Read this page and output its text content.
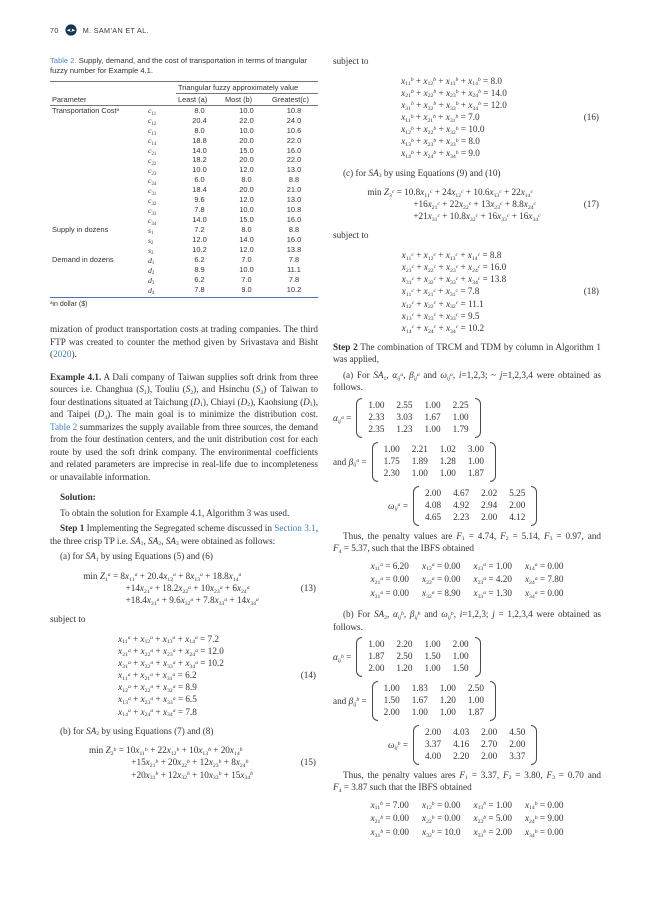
70	M. SAM’AN ET AL.
Table 2. Supply, demand, and the cost of transportation in terms of triangular fuzzy number for Example 4.1.
		Triangular fuzzy approximately value		
Parameter		Least (a)	Most (b)	Greatest(c)
Transportation Cost$^a$	$c_{11}$	8.0	10.0	10.8
	$c_{12}$	20.4	22.0	24.0
	$c_{13}$	8.0	10.0	10.6
	$c_{14}$	18.8	20.0	22.0
	$c_{21}$	14.0	15.0	16.0
	$c_{22}$	18.2	20.0	22.0
	$c_{23}$	10.0	12.0	13.0
	$c_{24}$	6.0	8.0	8.8
	$c_{31}$	18.4	20.0	21.0
	$c_{32}$	9.6	12.0	13.0
	$c_{33}$	7.8	10.0	10.8
	$c_{34}$	14.0	15.0	16.0
Supply in dozens	$s_1$	7.2	8.0	8.8
	$s_2$	12.0	14.0	16.0
	$s_3$	10.2	12.0	13.8
Demand in dozens	$d_1$	6.2	7.0	7.8
	$d_2$	8.9	10.0	11.1
	$d_3$	6.2	7.0	7.8
	$d_4$	7.8	9.0	10.2
$^a$in dollar ($)

mization of product transportation costs at trading companies. The third FTP was created to counter the method given by Srivastava and Bisht (2020).

Example 4.1. A Dali company of Taiwan supplies soft drink from three sources i.e. Changhua $(S_1)$, Touliu $(S_2)$, and Hsinchu $(S_3)$ of Taiwan to four destinations situated at Taichung $(D_1)$, Chiayi $(D_2)$, Kaohsiung $(D_3)$, and Taipei $(D_4)$. The main goal is to minimize the distribution cost. Table 2 summarizes the supply available from three sources, the demand from the four destination centers, and the unit distribution cost for each route by used the soft drink company. The environmental coefficients and related parameters are imprecise in real-life due to incompleteness or unavailable information.

Solution:

To obtain the solution for Example 4.1, Algorithm 3 was used.

Step 1 Implementing the Segregated scheme discussed in Section 3.1, the three crisp TP i.e. $SA_1$, $SA_2$, $SA_3$ were obtained as follows:

(a) for $SA_1$ by using Equations (5) and (6)

$\min Z_1^a = 8x_{11}^a + 20.4x_{12}^a + 8x_{13}^a + 18.8x_{14}^a$
$+14x_{21}^a + 18.2x_{22}^a + 10x_{23}^a + 6x_{24}^a$
$+18.4x_{31}^a + 9.6x_{32}^a + 7.8x_{33}^a + 14x_{34}^a$
(13)

subject to

$x_{11}^a + x_{12}^a + x_{13}^a + x_{14}^a = 7.2$
$x_{21}^a + x_{22}^a + x_{23}^a + x_{24}^a = 12.0$
$x_{31}^a + x_{32}^a + x_{33}^a + x_{34}^a = 10.2$
$x_{11}^a + x_{21}^a + x_{31}^a = 6.2$
$x_{12}^a + x_{22}^a + x_{32}^a = 8.9$
$x_{13}^a + x_{23}^a + x_{33}^a = 6.5$
$x_{14}^a + x_{24}^a + x_{34}^a = 7.8$
(14)

(b) for $SA_2$ by using Equations (7) and (8)

$\min Z_2^b = 10x_{11}^b + 22x_{12}^b + 10x_{13}^b + 20x_{14}^b$
$+15x_{21}^b + 20x_{22}^b + 12x_{23}^b + 8x_{24}^b$
$+20x_{31}^b + 12x_{32}^b + 10x_{33}^b + 15x_{34}^b$
(15)

subject to

$x_{11}^b + x_{12}^b + x_{13}^b + x_{14}^b = 8.0$
$x_{21}^b + x_{22}^b + x_{23}^b + x_{24}^b = 14.0$
$x_{31}^b + x_{32}^b + x_{33}^b + x_{34}^b = 12.0$
$x_{11}^b + x_{21}^b + x_{31}^b = 7.0$
$x_{12}^b + x_{22}^b + x_{32}^b = 10.0$
$x_{13}^b + x_{23}^b + x_{33}^b = 8.0$
$x_{14}^b + x_{24}^b + x_{34}^b = 9.0$
(16)

(c) for $SA_3$ by using Equations (9) and (10)

$\min Z_3^c = 10.8x_{11}^c + 24x_{12}^c + 10.6x_{13}^c + 22x_{14}^c$
$+16x_{21}^c + 22x_{22}^c + 13x_{23}^c + 8.8x_{24}^c$
$+21x_{31}^c + 10.8x_{32}^c + 16x_{33}^c + 16x_{34}^c$
(17)

subject to

$x_{11}^c + x_{12}^c + x_{13}^c + x_{14}^c = 8.8$
$x_{21}^c + x_{22}^c + x_{23}^c + x_{24}^c = 16.0$
$x_{31}^c + x_{32}^c + x_{33}^c + x_{34}^c = 13.8$
$x_{11}^c + x_{21}^c + x_{31}^c = 7.8$
$x_{12}^c + x_{22}^c + x_{32}^c = 11.1$
$x_{13}^c + x_{23}^c + x_{33}^c = 9.5$
$x_{14}^c + x_{24}^c + x_{34}^c = 10.2$
(18)

Step 2 The combination of TRCM and TDM by column in Algorithm 1 was applied,

(a) For $SA_1$, $\alpha_{ij}^a$, $\beta_{ij}^a$ and $\omega_{ij}^a$, i=1,2,3; ~ j=1,2,3,4 were obtained as follows.

$\alpha_{ij}^a$ =
1.00 2.55 1.00 2.25
2.33 3.03 1.67 1.00
2.35 1.23 1.00 1.79
and $\beta_{ij}^a$ =
1.00 2.21 1.02 3.00
1.75 1.89 1.28 1.00
2.30 1.00 1.00 1.87
$\omega_{ij}^a$ =
2.00 4.67 2.02 5.25
4.08 4.92 2.94 2.00
4.65 2.23 2.00 4.12

Thus, the penalty values are $F_1 = 4.74$, $F_2 = 5.14$, $F_3 = 0.97$, and $F_4 = 5.37$, such that the IBFS obtained

$x_{11}^a = 6.20$ $x_{12}^a = 0.00$ $x_{13}^a = 1.00$ $x_{14}^a = 0.00$
$x_{21}^a = 0.00$ $x_{22}^a = 0.00$ $x_{23}^a = 4.20$ $x_{24}^a = 7.80$
$x_{31}^a = 0.00$ $x_{32}^a = 8.90$ $x_{33}^a = 1.30$ $x_{34}^a = 0.00$

(b) For $SA_2$, $\alpha_{ij}^b$, $\beta_{ij}^b$ and $\omega_{ij}^b$, i=1,2,3; j = 1,2,3,4 were obtained as follows.

$\alpha_{ij}^b$ =
1.00 2.20 1.00 2.00
1.87 2.50 1.50 1.00
2.00 1.20 1.00 1.50
and $\beta_{ij}^b$ =
1.00 1.83 1.00 2.50
1.50 1.67 1.20 1.00
2.00 1.00 1.00 1.87
$\omega_{ij}^b$ =
2.00 4.03 2.00 4.50
3.37 4.16 2.70 2.00
4.00 2.20 2.00 3.37

Thus, the penalty values ares $F_1 = 3.37$, $F_2 = 3.80$, $F_3 = 0.70$ and $F_4 = 3.87$ such that the IBFS obtained

$x_{11}^b = 7.00$ $x_{12}^b = 0.00$ $x_{13}^b = 1.00$ $x_{14}^b = 0.00$
$x_{21}^b = 0.00$ $x_{22}^b = 0.00$ $x_{23}^b = 5.00$ $x_{24}^b = 9.00$
$x_{31}^b = 0.00$ $x_{32}^b = 10.0$ $x_{33}^b = 2.00$ $x_{34}^b = 0.00$
